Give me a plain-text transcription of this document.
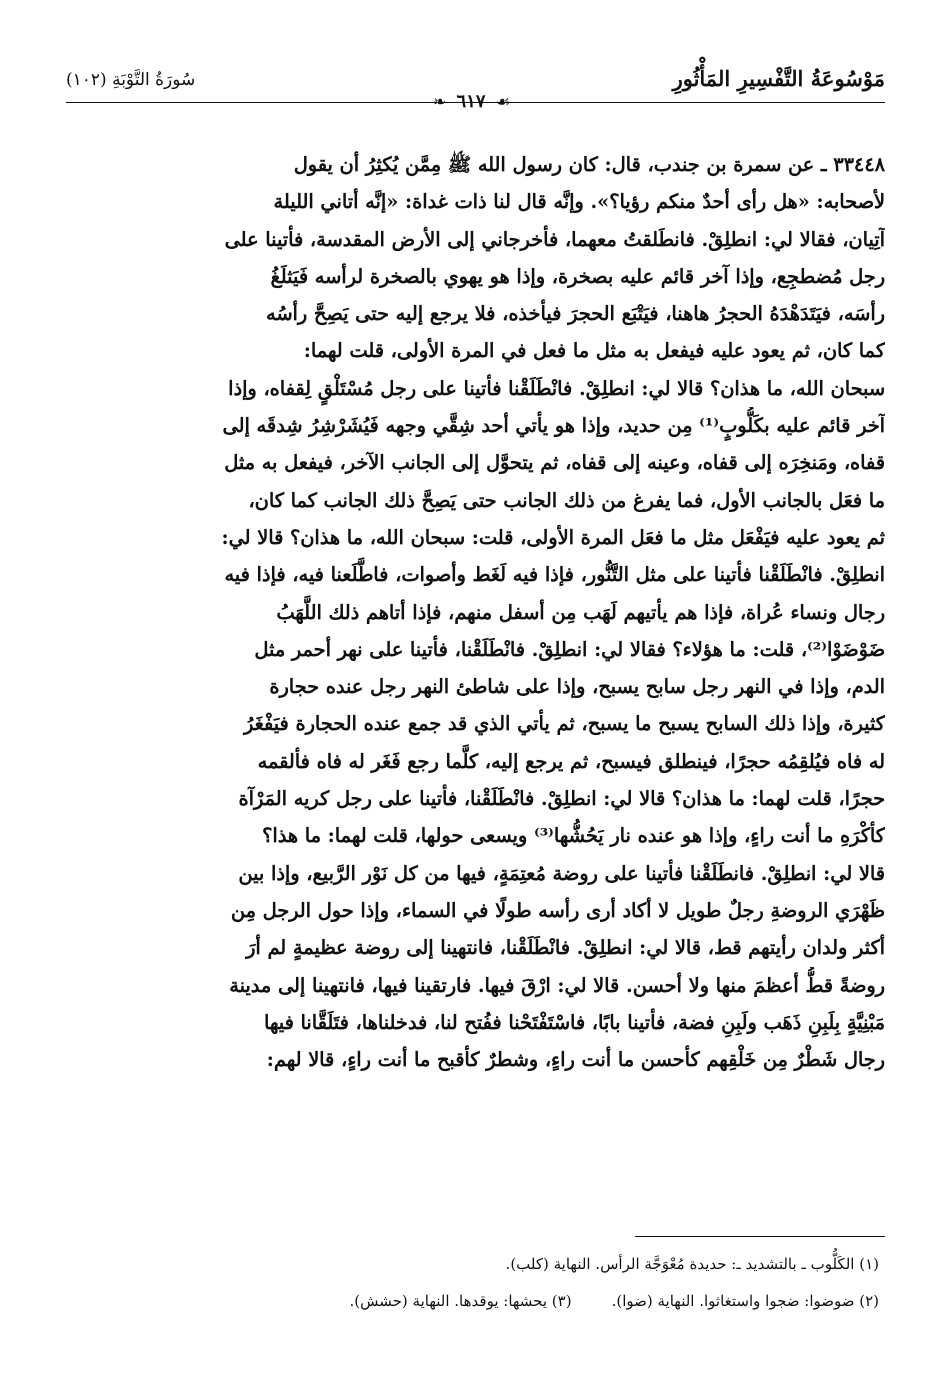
مَوْسُوعَةُ التَّفْسِيرِ المَأْثُورِ
سُورَةُ التَّوْبَةِ (١٠٢)
☙ ٦١٧ ❧
٣٣٤٤٨ ـ عن سمرة بن جندب، قال: كان رسول الله ﷺ مِمَّن يُكثِرُ أن يقول
لأصحابه: «هل رأى أحدٌ منكم رؤيا؟». وإنَّه قال لنا ذات غداة: «إنَّه أتاني الليلة
آتِيان، فقالا لي: انطلِقْ. فانطَلقتُ معهما، فأخرجاني إلى الأرض المقدسة، فأتينا على
رجل مُضطجِع، وإذا آخر قائم عليه بصخرة، وإذا هو يهوي بالصخرة لرأسه فَيَثلَغُ
رأسَه، فيَتَدَهْدَهُ الحجرُ هاهنا، فيَتْبَع الحجرَ فيأخذه، فلا يرجع إليه حتى يَصِحَّ رأسُه
كما كان، ثم يعود عليه فيفعل به مثل ما فعل في المرة الأولى، قلت لهما:
سبحان الله، ما هذان؟ قالا لي: انطلِقْ. فانْطَلَقْنا فأتينا على رجل مُسْتَلْقٍ لِقفاه، وإذا
آخر قائم عليه بكَلُّوبٍ⁽¹⁾ مِن حديد، وإذا هو يأتي أحد شِقَّي وجهه فَيُشَرْشِرُ شِدقَه إلى
قفاه، ومَنخِرَه إلى قفاه، وعينه إلى قفاه، ثم يتحوَّل إلى الجانب الآخر، فيفعل به مثل
ما فعَل بالجانب الأول، فما يفرغ من ذلك الجانب حتى يَصِحَّ ذلك الجانب كما كان،
ثم يعود عليه فيَفْعَل مثل ما فعَل المرة الأولى، قلت: سبحان الله، ما هذان؟ قالا لي:
انطلِقْ. فانْطَلَقْنا فأتينا على مثل التَّنُّور، فإذا فيه لَغَط وأصوات، فاطَّلَعنا فيه، فإذا فيه
رجال ونساء عُراة، فإذا هم يأتيهم لَهَب مِن أسفل منهم، فإذا أتاهم ذلك اللَّهَبُ
ضَوْضَوْا⁽²⁾، قلت: ما هؤلاء؟ فقالا لي: انطلِقْ. فانْطَلَقْنا، فأتينا على نهر أحمر مثل
الدم، وإذا في النهر رجل سابح يسبح، وإذا على شاطئ النهر رجل عنده حجارة
كثيرة، وإذا ذلك السابح يسبح ما يسبح، ثم يأتي الذي قد جمع عنده الحجارة فيَفْغَرُ
له فاه فيُلقِمُه حجرًا، فينطلق فيسبح، ثم يرجع إليه، كلَّما رجع فَغَر له فاه فألقمه
حجرًا، قلت لهما: ما هذان؟ قالا لي: انطلِقْ. فانْطَلَقْنا، فأتينا على رجل كريه المَرْآة
كأكْرَهِ ما أنت راءٍ، وإذا هو عنده نار يَحُشُّها⁽³⁾ ويسعى حولها، قلت لهما: ما هذا؟
قالا لي: انطلِقْ. فانطَلَقْنا فأتينا على روضة مُعتِمَةٍ، فيها من كل نَوْر الرَّبيع، وإذا بين
ظَهْرَي الروضةِ رجلٌ طويل لا أكاد أرى رأسه طولًا في السماء، وإذا حول الرجل مِن
أكثر ولدان رأيتهم قط، قالا لي: انطلِقْ. فانْطَلَقْنا، فانتهينا إلى روضة عظيمةٍ لم أرَ
روضةً قطُّ أعظمَ منها ولا أحسن. قالا لي: ارْقَ فيها. فارتقينا فيها، فانتهينا إلى مدينة
مَبْنِيَّةٍ بِلَبِنِ ذَهَب ولَبِنِ فضة، فأتينا بابًا، فاسْتَفْتَحْنا ففُتح لنا، فدخلناها، فتَلَقَّانا فيها
رجال شَطْرٌ مِن خَلْقِهم كأحسن ما أنت راءٍ، وشطرٌ كأقبح ما أنت راءٍ، قالا لهم:
(١) الكَلُّوب ـ بالتشديد ـ: حديدة مُعْوَجَّة الرأس. النهاية (كلب).
(٢) ضوضوا: ضجوا واستغاثوا. النهاية (ضوا).(٣) يحشها: يوقدها. النهاية (حشش).
